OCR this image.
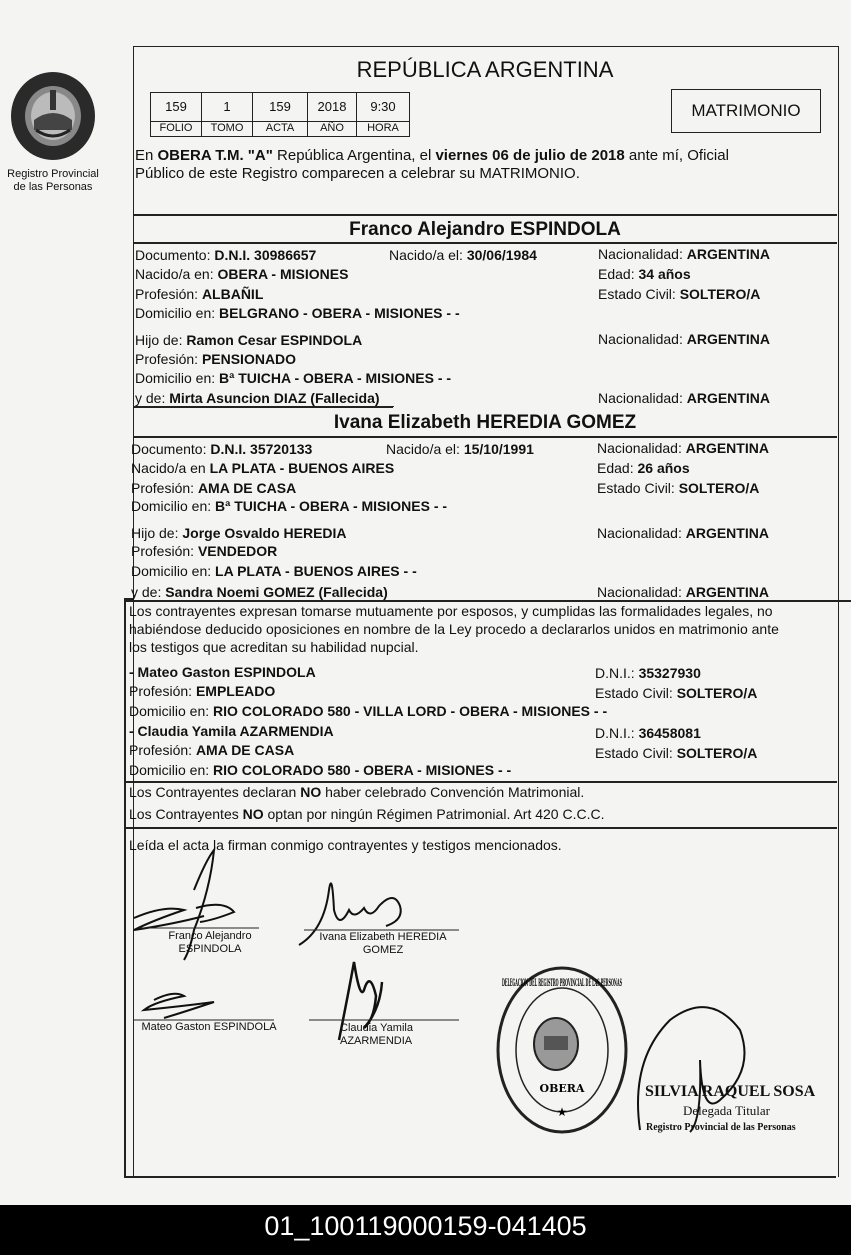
Registro Provincial de las Personas
REPÚBLICA ARGENTINA
159	1	159	2018	9:30
FOLIO	TOMO	ACTA	AÑO	HORA
MATRIMONIO
En OBERA T.M. "A" República Argentina, el viernes 06 de julio de 2018 ante mí, Oficial
Público de este Registro comparecen a celebrar su MATRIMONIO.
Franco Alejandro ESPINDOLA
Documento: D.N.I. 30986657	Nacido/a el: 30/06/1984	Nacionalidad: ARGENTINA
Nacido/a en: OBERA - MISIONES	Edad: 34 años
Profesión: ALBAÑIL	Estado Civil: SOLTERO/A
Domicilio en: BELGRANO - OBERA - MISIONES - -
Hijo de: Ramon Cesar ESPINDOLA	Nacionalidad: ARGENTINA
Profesión: PENSIONADO
Domicilio en: Bª TUICHA - OBERA - MISIONES - -
y de: Mirta Asuncion DIAZ (Fallecida)	Nacionalidad: ARGENTINA
Ivana Elizabeth HEREDIA GOMEZ
Documento: D.N.I. 35720133	Nacido/a el: 15/10/1991	Nacionalidad: ARGENTINA
Nacido/a en LA PLATA - BUENOS AIRES	Edad: 26 años
Profesión: AMA DE CASA	Estado Civil: SOLTERO/A
Domicilio en: Bª TUICHA - OBERA - MISIONES - -
Hijo de: Jorge Osvaldo HEREDIA	Nacionalidad: ARGENTINA
Profesión: VENDEDOR
Domicilio en: LA PLATA - BUENOS AIRES - -
y de: Sandra Noemi GOMEZ (Fallecida)	Nacionalidad: ARGENTINA
Los contrayentes expresan tomarse mutuamente por esposos, y cumplidas las formalidades legales, no
habiéndose deducido oposiciones en nombre de la Ley procedo a declararlos unidos en matrimonio ante
los testigos que acreditan su habilidad nupcial.
- Mateo Gaston ESPINDOLA	D.N.I.: 35327930
Profesión: EMPLEADO	Estado Civil: SOLTERO/A
Domicilio en: RIO COLORADO 580 - VILLA LORD - OBERA - MISIONES - -
- Claudia Yamila AZARMENDIA	D.N.I.: 36458081
Profesión: AMA DE CASA	Estado Civil: SOLTERO/A
Domicilio en: RIO COLORADO 580 - OBERA - MISIONES - -
Los Contrayentes declaran NO haber celebrado Convención Matrimonial.
Los Contrayentes NO optan por ningún Régimen Patrimonial. Art 420 C.C.C.
Leída el acta la firman conmigo contrayentes y testigos mencionados.
Franco Alejandro
ESPINDOLA
Ivana Elizabeth HEREDIA
GOMEZ
Mateo Gaston ESPINDOLA	Claudia Yamila
AZARMENDIA
DELEGACION DEL REGISTRO PROVINCIAL DE LAS PERSONAS
OBERA
★
SILVIA RAQUEL SOSA
Delegada Titular
Registro Provincial de las Personas
01_100119000159-041405
